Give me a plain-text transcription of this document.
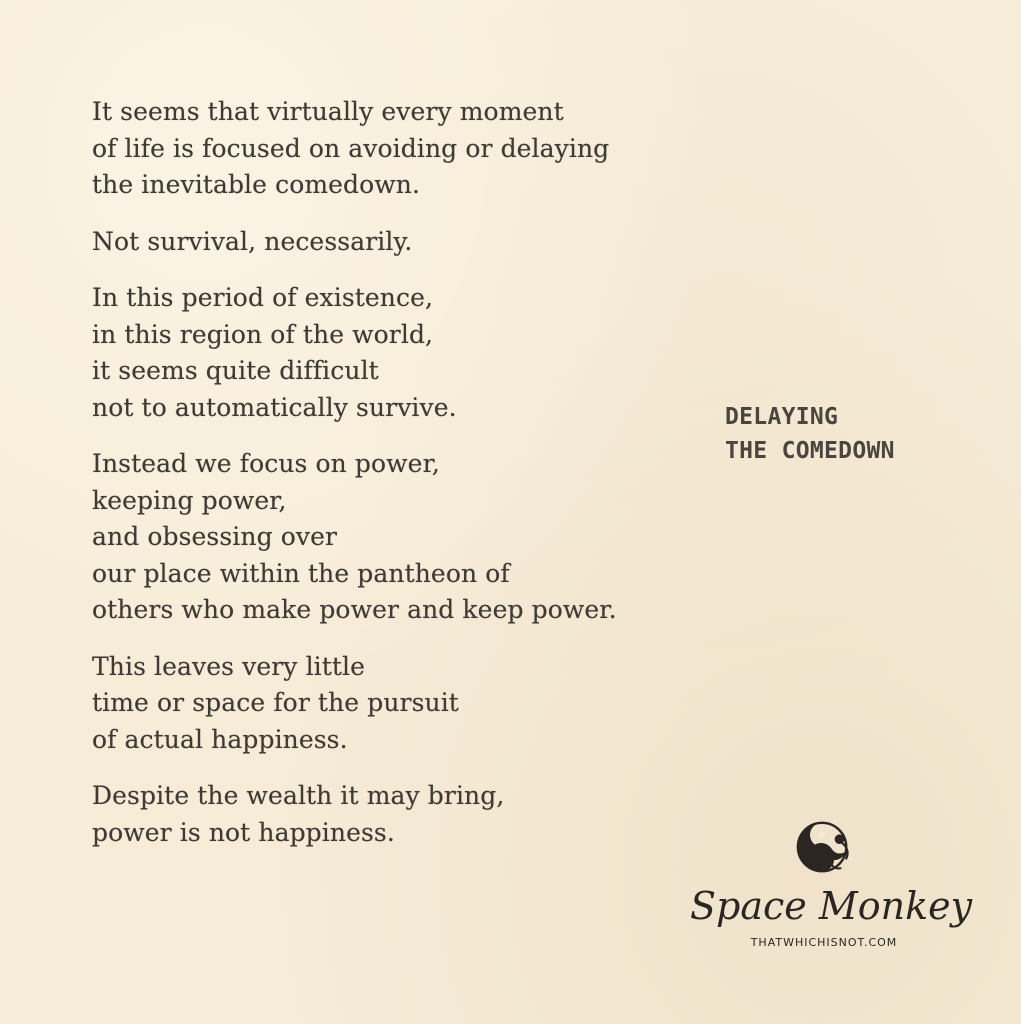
It seems that virtually every moment
of life is focused on avoiding or delaying
the inevitable comedown.
Not survival, necessarily.
In this period of existence,
in this region of the world,
it seems quite difficult
not to automatically survive.
Instead we focus on power,
keeping power,
and obsessing over
our place within the pantheon of
others who make power and keep power.
This leaves very little
time or space for the pursuit
of actual happiness.
Despite the wealth it may bring,
power is not happiness.
DELAYING
THE COMEDOWN
Space Monkey
THATWHICHISNOT.COM
